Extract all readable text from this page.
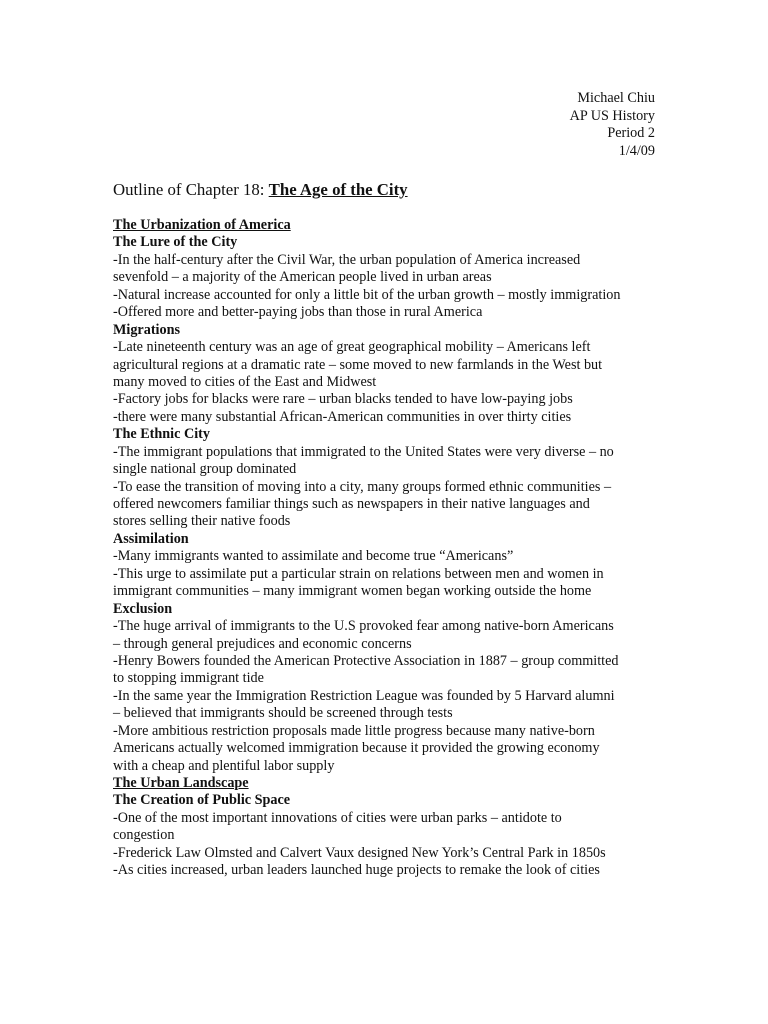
Michael Chiu
AP US History
Period 2
1/4/09
Outline of Chapter 18: The Age of the City
The Urbanization of America
The Lure of the City
-In the half-century after the Civil War, the urban population of America increased
sevenfold – a majority of the American people lived in urban areas
-Natural increase accounted for only a little bit of the urban growth – mostly immigration
-Offered more and better-paying jobs than those in rural America
Migrations
-Late nineteenth century was an age of great geographical mobility – Americans left
agricultural regions at a dramatic rate – some moved to new farmlands in the West but
many moved to cities of the East and Midwest
-Factory jobs for blacks were rare – urban blacks tended to have low-paying jobs
-there were many substantial African-American communities in over thirty cities
The Ethnic City
-The immigrant populations that immigrated to the United States were very diverse – no
single national group dominated
-To ease the transition of moving into a city, many groups formed ethnic communities –
offered newcomers familiar things such as newspapers in their native languages and
stores selling their native foods
Assimilation
-Many immigrants wanted to assimilate and become true “Americans”
-This urge to assimilate put a particular strain on relations between men and women in
immigrant communities – many immigrant women began working outside the home
Exclusion
-The huge arrival of immigrants to the U.S provoked fear among native-born Americans
– through general prejudices and economic concerns
-Henry Bowers founded the American Protective Association in 1887 – group committed
to stopping immigrant tide
-In the same year the Immigration Restriction League was founded by 5 Harvard alumni
– believed that immigrants should be screened through tests
-More ambitious restriction proposals made little progress because many native-born
Americans actually welcomed immigration because it provided the growing economy
with a cheap and plentiful labor supply
The Urban Landscape
The Creation of Public Space
-One of the most important innovations of cities were urban parks – antidote to
congestion
-Frederick Law Olmsted and Calvert Vaux designed New York’s Central Park in 1850s
-As cities increased, urban leaders launched huge projects to remake the look of cities
